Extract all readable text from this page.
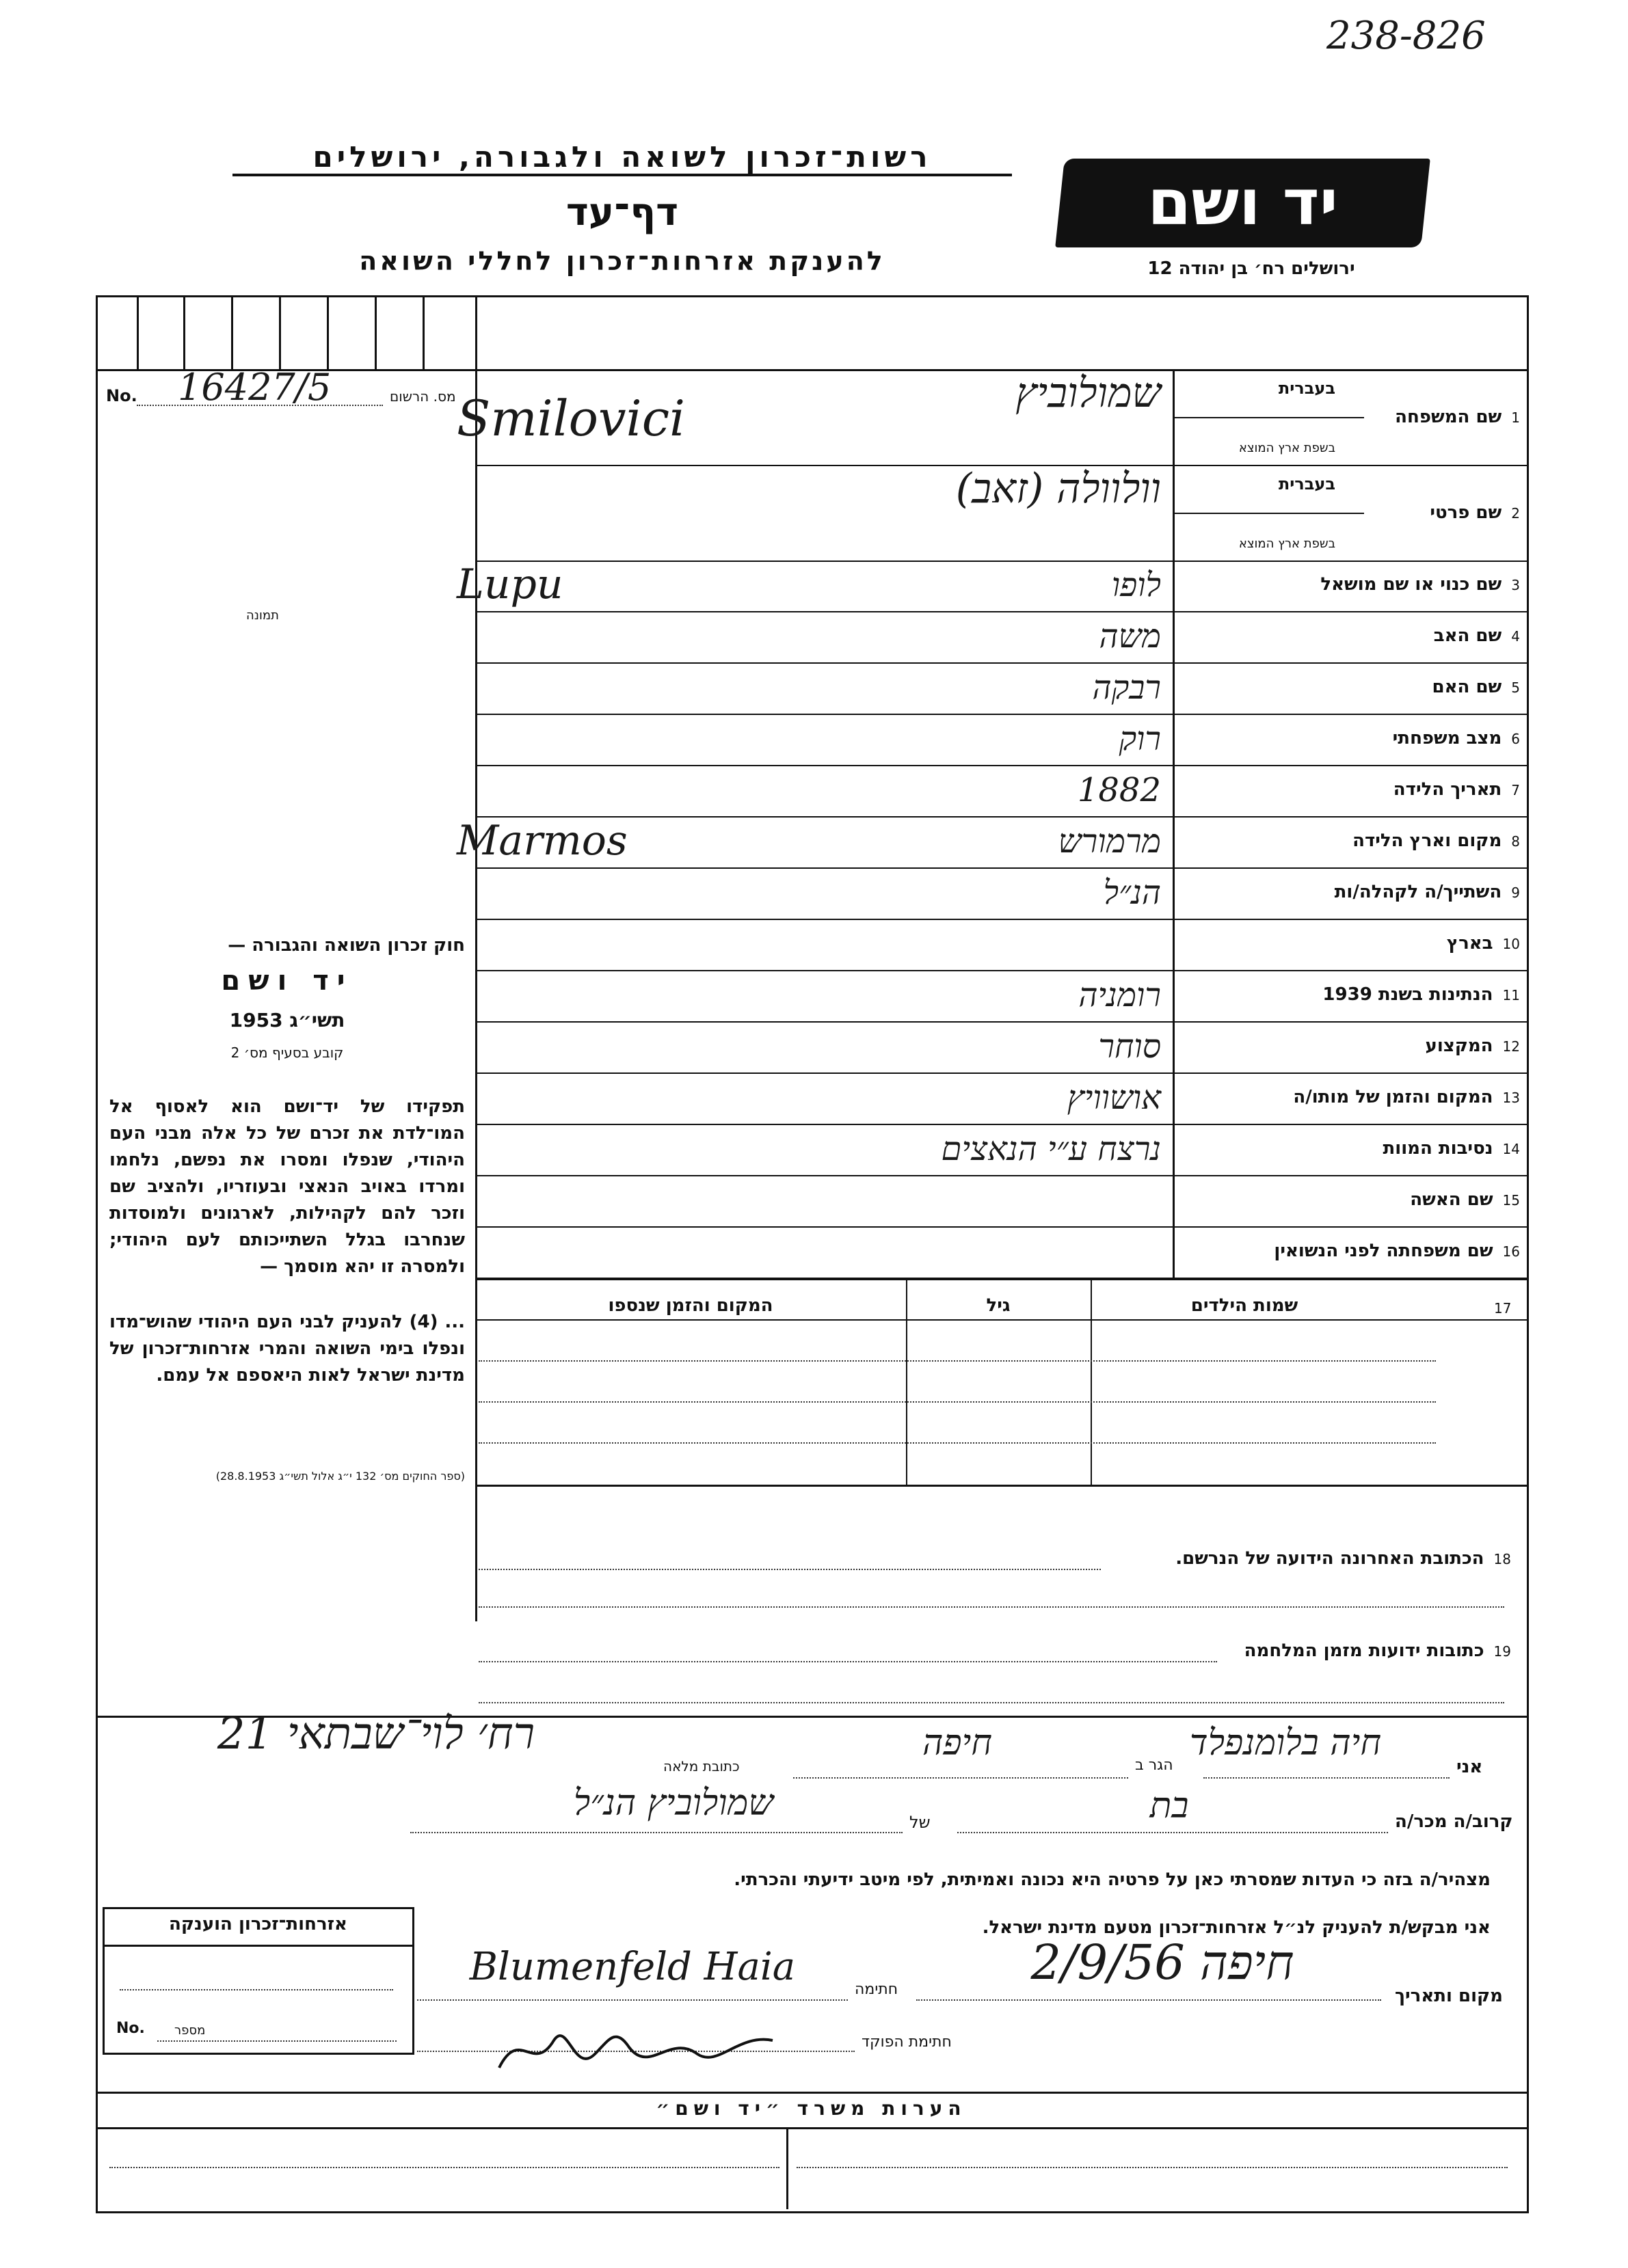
238-826
רשות־זכרון לשואה ולגבורה, ירושלים
דף־עד
להענקת אזרחות־זכרון לחללי השואה
יד ושם
ירושלים רח׳ בן יהודה 12
No.	מס. הרשום
16427/5
תמונה
1שם המשפחה
בעברית
בשפת ארץ המוצא
שמולוביץ
Smilovici
2שם פרטי
בעברית
בשפת ארץ המוצא
וולוולה (זאב)
3שם כנוי או שם מושאל
לופו
Lupu
4שם האב
משה
5שם האם
רבקה
6מצב משפחתי
רוק
7תאריך הלידה
1882
8מקום וארץ הלידה
מרמורש
Marmos
9השתייך/ה לקהלה/ות
הנ״ל
10בארץ
11הנתינות בשנת 1939
רומניה
12המקצוע
סוחר
13המקום והזמן של מותו/ה
אושוויץ
14נסיבות המוות
נרצח ע״י הנאצים
15שם האשה
16שם משפחתה לפני הנשואין
17
שמות הילדים
גיל
המקום והזמן שנספו
18הכתובת האחרונה הידועה של הנרשם.
19כתובות ידועות מזמן המלחמה
חוק זכרון השואה והגבורה —
יד ושם
תשי״ג 1953
קובע בסעיף מס׳ 2
תפקידו של יד־ושם הוא לאסוף אל המו־לדת את זכרם של כל אלה מבני העם היהודי, שנפלו ומסרו את נפשם, נלחמו ומרדו באויב הנאצי ובעוזריו, ולהציב שם וזכר להם לקהילות, לארגונים ולמוסדות שנחרבו בגלל השתייכותם לעם היהודי; ולמסרה זו יהא מוסמך —
... (4) להעניק לבני העם היהודי שהוש־מדו ונפלו בימי השואה והמרי אזרחות־זכרון של מדינת ישראל לאות היאספם אל עמם.
(ספר החוקים מס׳ 132 י״ג אלול תשי״ג 28.8.1953)
אני
חיה בלומנפלד
הגר ב
חיפה
כתובת מלאה
רח׳ לוי־שבתאי 21
קרוב/ה מכר/ה
בת
של
שמולוביץ הנ״ל
מצהיר/ה בזה כי העדות שמסרתי כאן על פרטיה היא נכונה ואמיתית, לפי מיטב ידיעתי והכרתי.
אני מבקש/ת להעניק לנ״ל אזרחות־זכרון מטעם מדינת ישראל.
מקום ותאריך
חיפה 2/9/56
חתימה
Blumenfeld Haia
חתימת הפוקד
אזרחות־זכרון הוענקה
No. מספר
הערות משרד ״יד ושם״
